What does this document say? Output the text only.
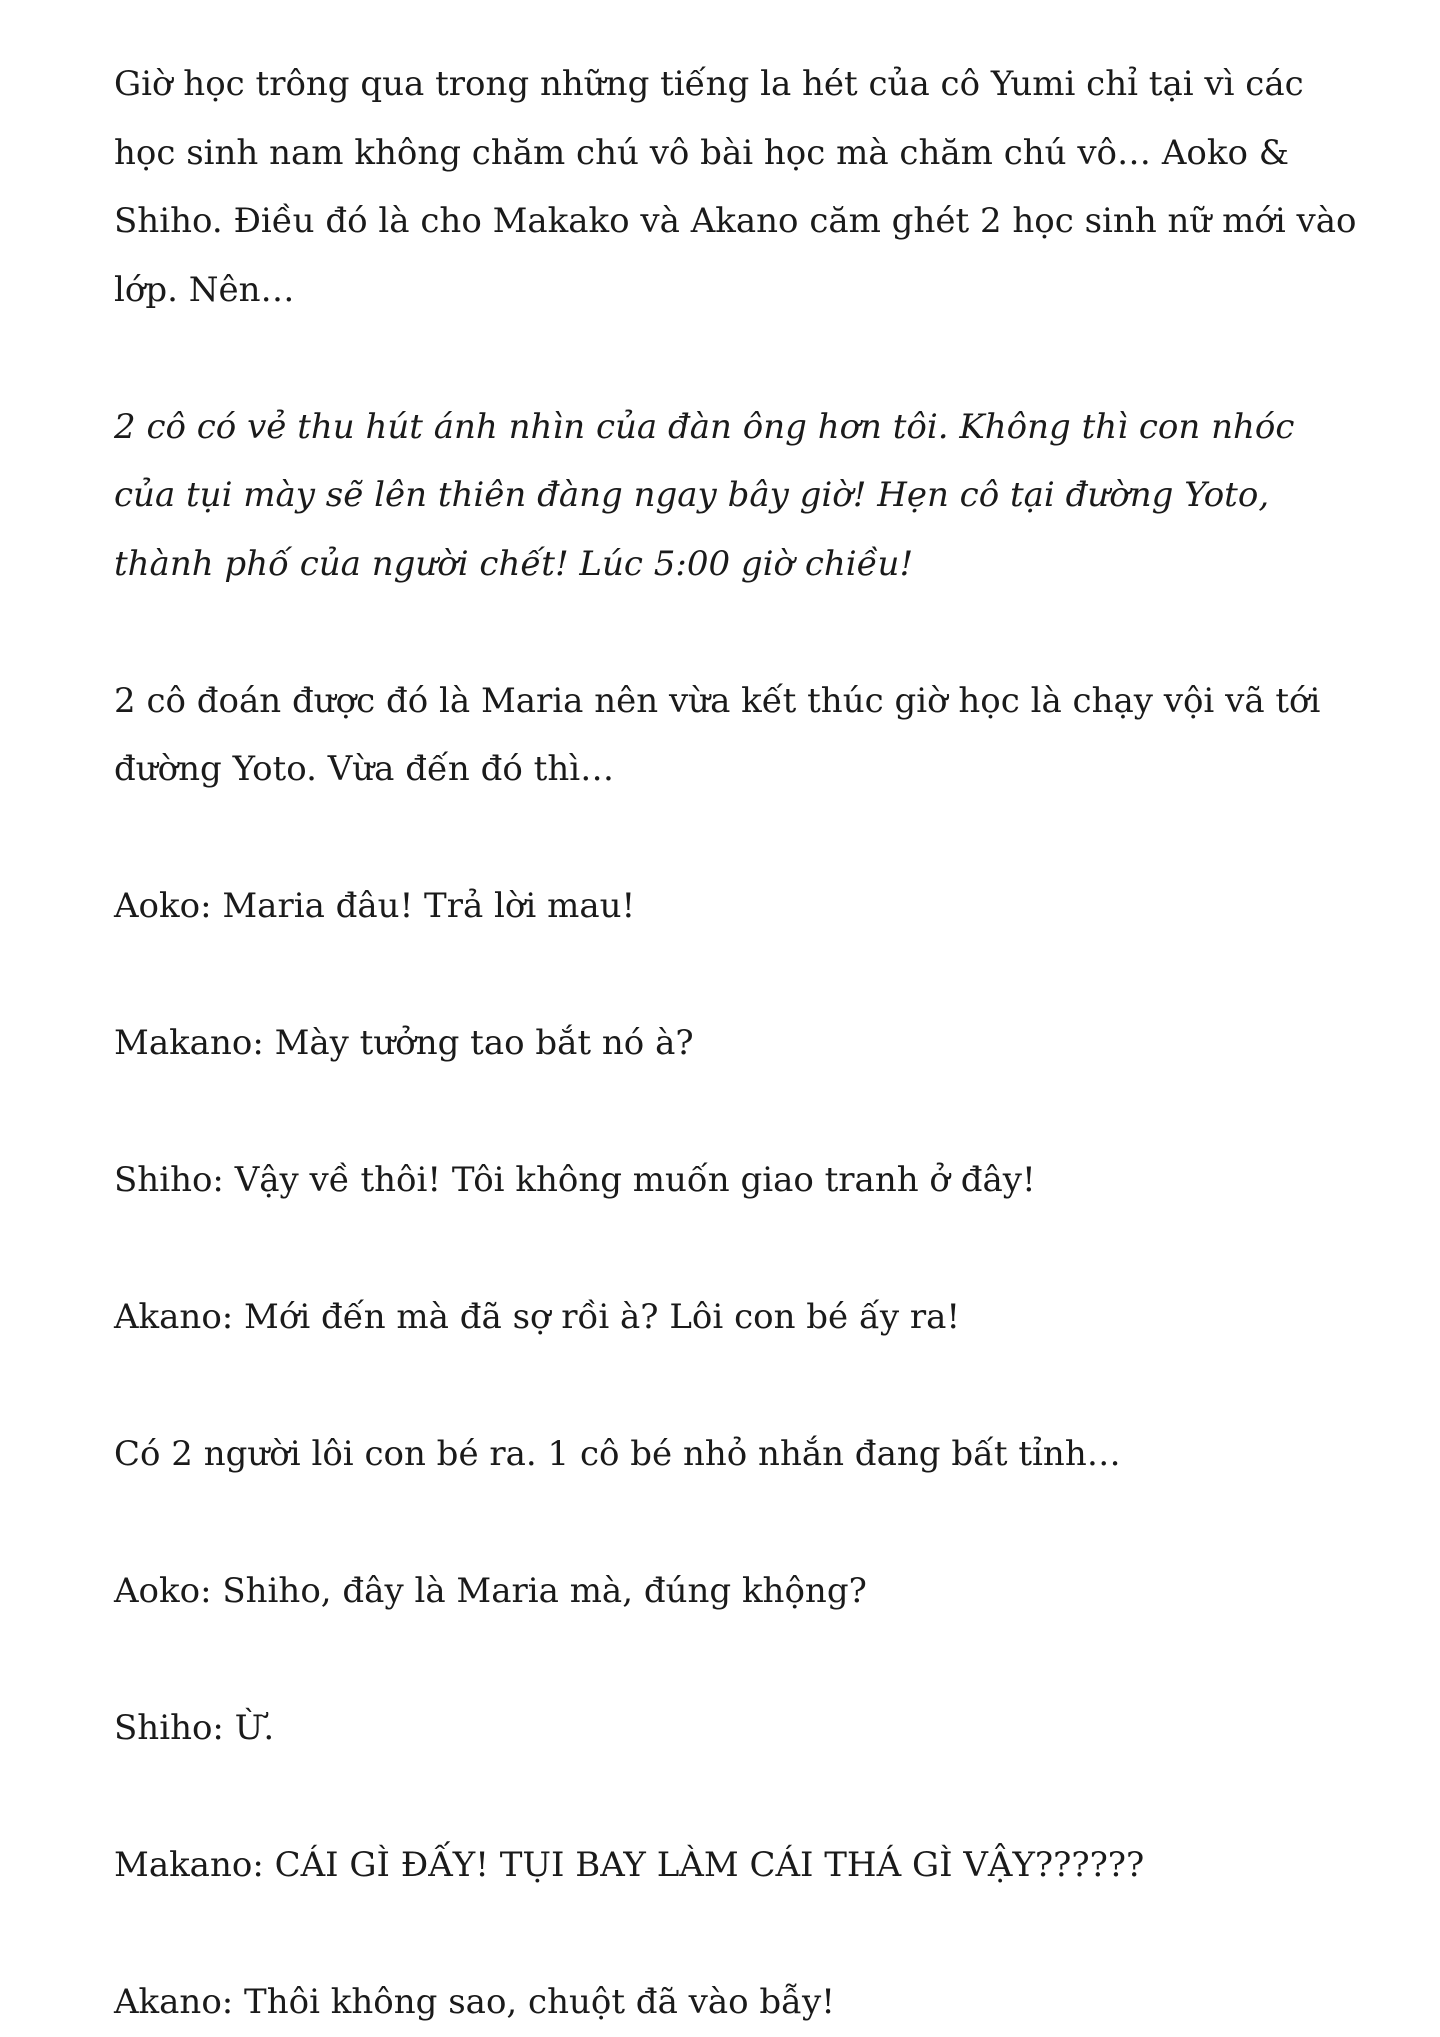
Giờ học trông qua trong những tiếng la hét của cô Yumi chỉ tại vì các học sinh nam không chăm chú vô bài học mà chăm chú vô… Aoko & Shiho. Điều đó là cho Makako và Akano căm ghét 2 học sinh nữ mới vào lớp. Nên…

2 cô có vẻ thu hút ánh nhìn của đàn ông hơn tôi. Không thì con nhóc của tụi mày sẽ lên thiên đàng ngay bây giờ! Hẹn cô tại đường Yoto, thành phố của người chết! Lúc 5:00 giờ chiều!

2 cô đoán được đó là Maria nên vừa kết thúc giờ học là chạy vội vã tới đường Yoto. Vừa đến đó thì…

Aoko: Maria đâu! Trả lời mau!

Makano: Mày tưởng tao bắt nó à?

Shiho: Vậy về thôi! Tôi không muốn giao tranh ở đây!

Akano: Mới đến mà đã sợ rồi à? Lôi con bé ấy ra!

Có 2 người lôi con bé ra. 1 cô bé nhỏ nhắn đang bất tỉnh…

Aoko: Shiho, đây là Maria mà, đúng khộng?

Shiho: Ừ.

Makano: CÁI GÌ ĐẤY! TỤI BAY LÀM CÁI THÁ GÌ VẬY??????

Akano: Thôi không sao, chuột đã vào bẫy!
